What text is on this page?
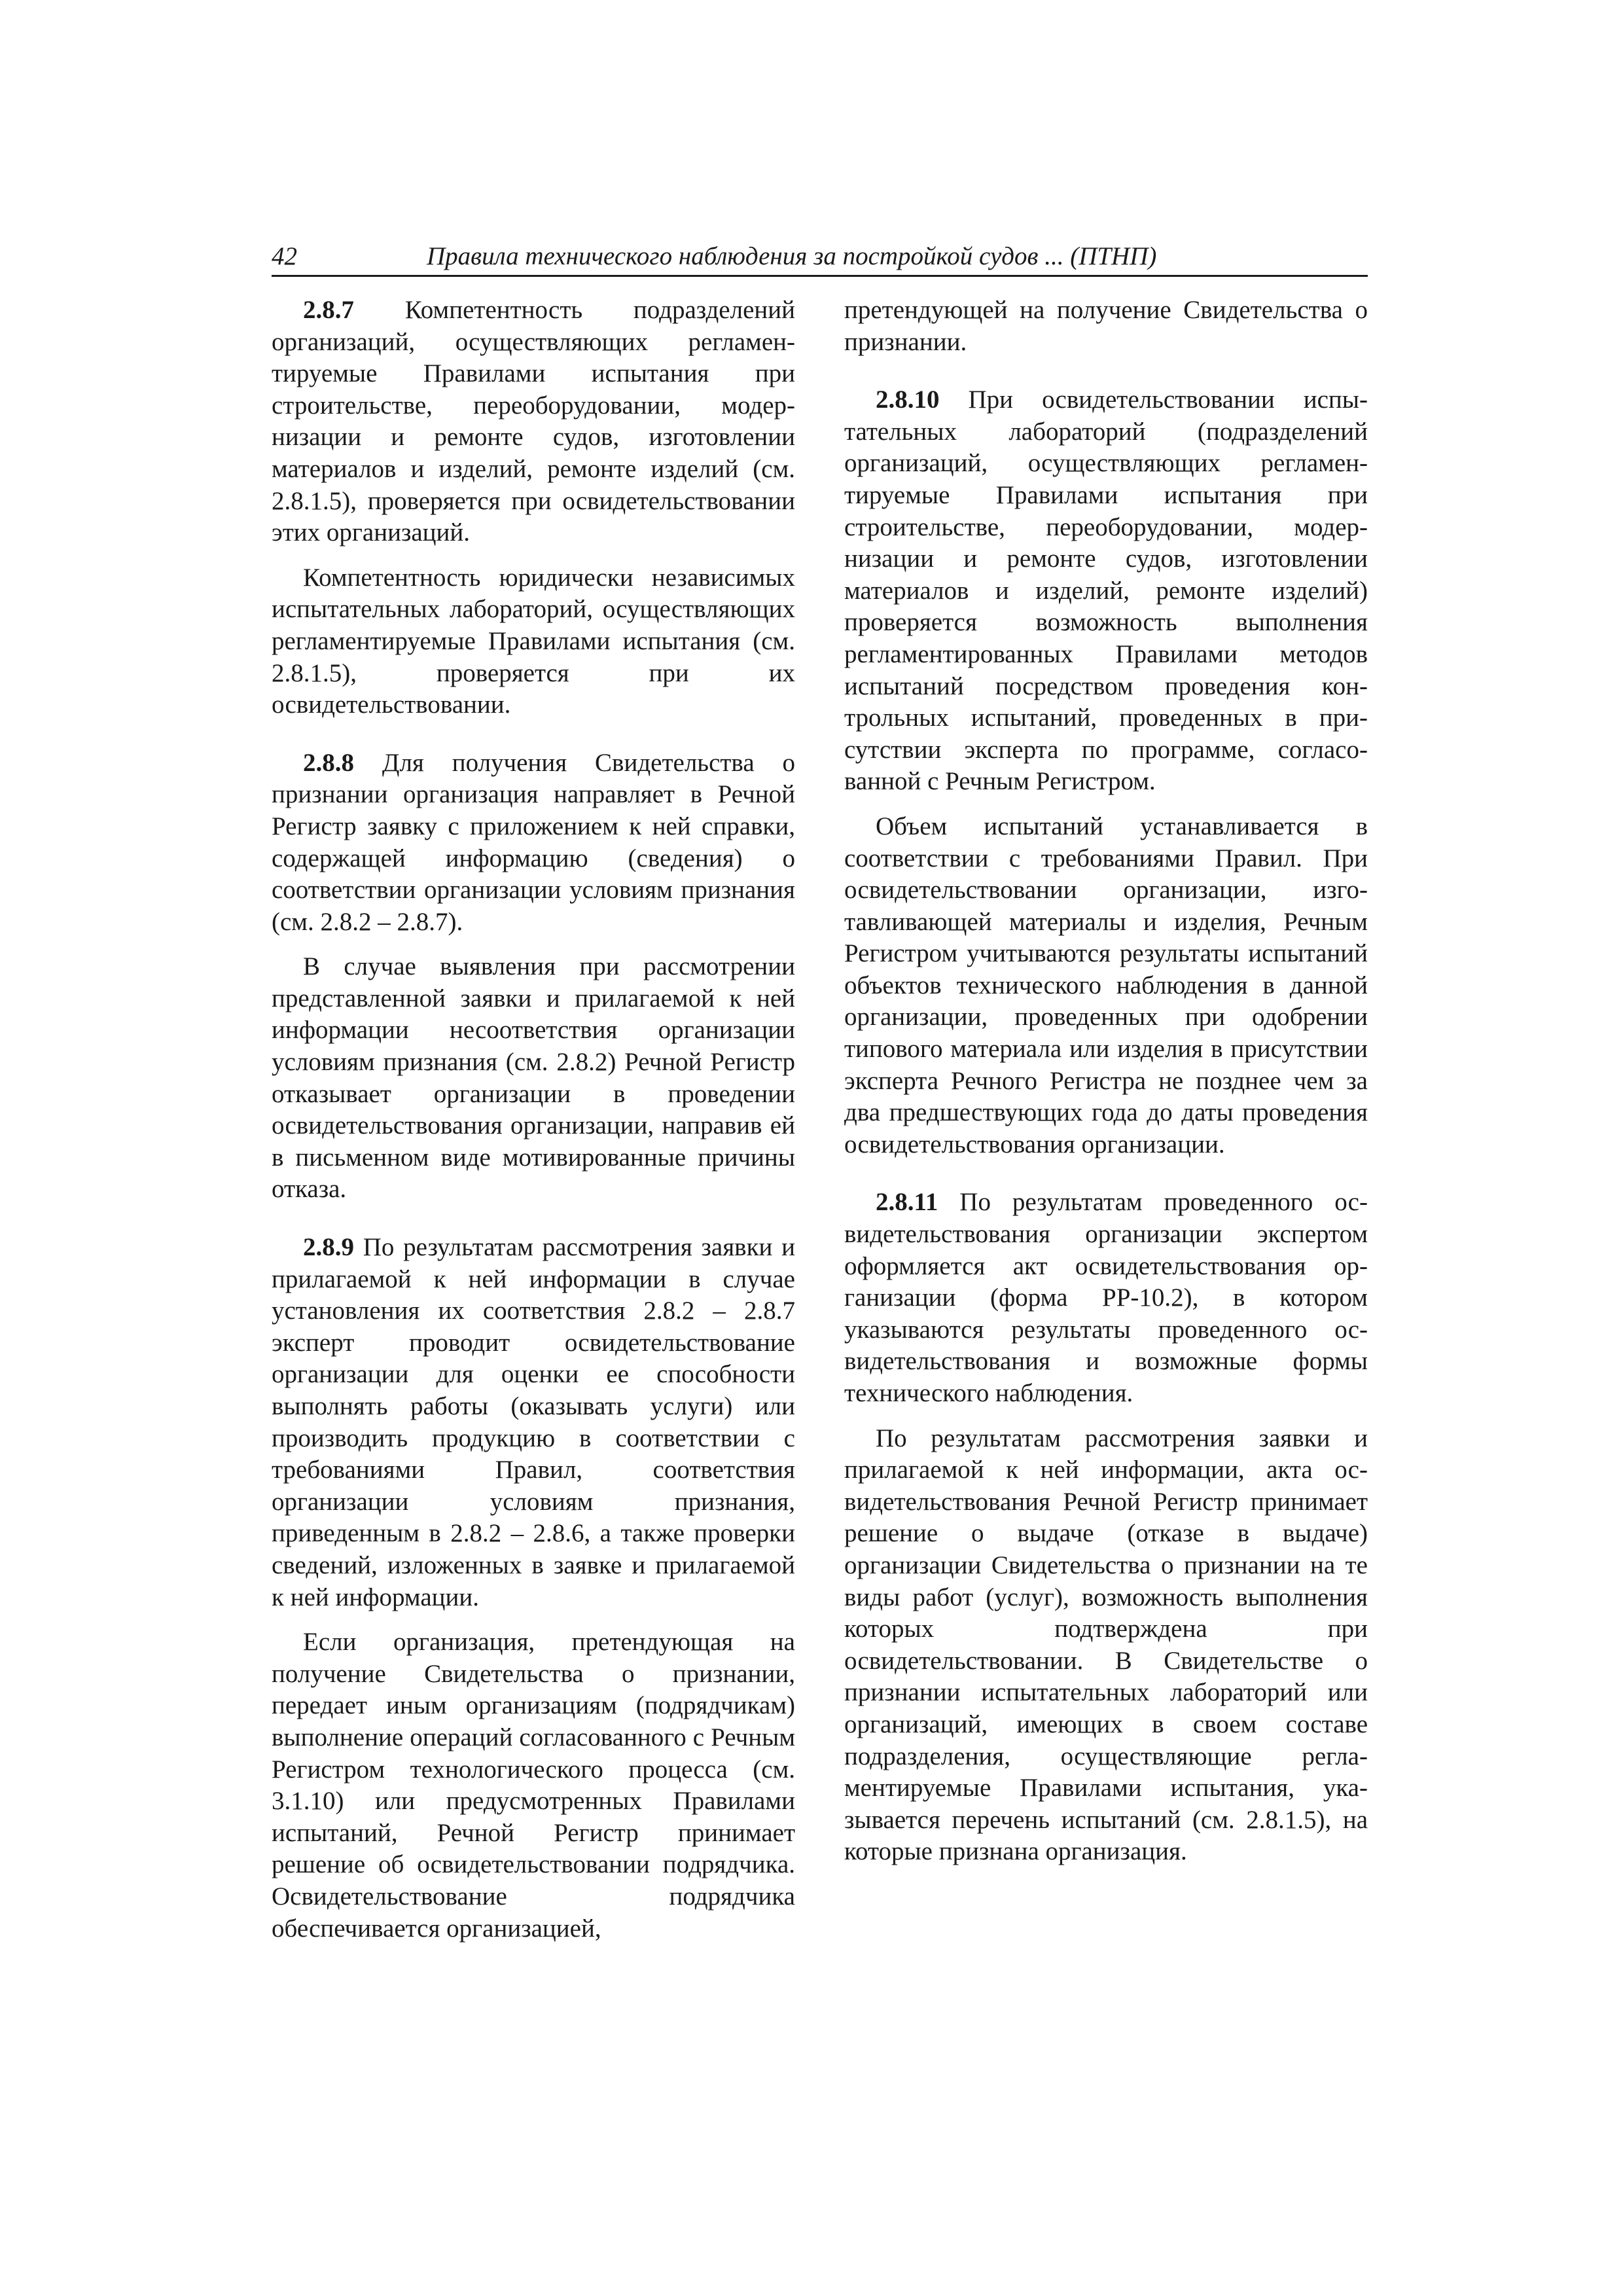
42	Правила технического наблюдения за постройкой судов ... (ПТНП)

2.8.7 Компетентность подразделений организаций, осуществляющих регламентируемые Правилами испытания при строительстве, переоборудовании, модернизации и ремонте судов, изготовлении материалов и изделий, ремонте изделий (см. 2.8.1.5), проверяется при освидетельствовании этих организаций.

Компетентность юридически независимых испытательных лабораторий, осуществляющих регламентируемые Правилами испытания (см. 2.8.1.5), проверяется при их освидетельствовании.

2.8.8 Для получения Свидетельства о признании организация направляет в Речной Регистр заявку с приложением к ней справки, содержащей информацию (сведения) о соответствии организации условиям признания (см. 2.8.2 – 2.8.7).

В случае выявления при рассмотрении представленной заявки и прилагаемой к ней информации несоответствия организации условиям признания (см. 2.8.2) Речной Регистр отказывает организации в проведении освидетельствования организации, направив ей в письменном виде мотивированные причины отказа.

2.8.9 По результатам рассмотрения заявки и прилагаемой к ней информации в случае установления их соответствия 2.8.2 – 2.8.7 эксперт проводит освидетельствование организации для оценки ее способности выполнять работы (оказывать услуги) или производить продукцию в соответствии с требованиями Правил, соответствия организации условиям признания, приведенным в 2.8.2 – 2.8.6, а также проверки сведений, изложенных в заявке и прилагаемой к ней информации.

Если организация, претендующая на получение Свидетельства о признании, передает иным организациям (подрядчикам) выполнение операций согласованного с Речным Регистром технологического процесса (см. 3.1.10) или предусмотренных Правилами испытаний, Речной Регистр принимает решение об освидетельствовании подрядчика. Освидетельствование подрядчика обеспечивается организацией,

претендующей на получение Свидетельства о признании.

2.8.10 При освидетельствовании испытательных лабораторий (подразделений организаций, осуществляющих регламентируемые Правилами испытания при строительстве, переоборудовании, модернизации и ремонте судов, изготовлении материалов и изделий, ремонте изделий) проверяется возможность выполнения регламентированных Правилами методов испытаний посредством проведения контрольных испытаний, проведенных в присутствии эксперта по программе, согласованной с Речным Регистром.

Объем испытаний устанавливается в соответствии с требованиями Правил. При освидетельствовании организации, изготавливающей материалы и изделия, Речным Регистром учитываются результаты испытаний объектов технического наблюдения в данной организации, проведенных при одобрении типового материала или изделия в присутствии эксперта Речного Регистра не позднее чем за два предшествующих года до даты проведения освидетельствования организации.

2.8.11 По результатам проведенного освидетельствования организации экспертом оформляется акт освидетельствования организации (форма РР-10.2), в котором указываются результаты проведенного освидетельствования и возможные формы технического наблюдения.

По результатам рассмотрения заявки и прилагаемой к ней информации, акта освидетельствования Речной Регистр принимает решение о выдаче (отказе в выдаче) организации Свидетельства о признании на те виды работ (услуг), возможность выполнения которых подтверждена при освидетельствовании. В Свидетельстве о признании испытательных лабораторий или организаций, имеющих в своем составе подразделения, осуществляющие регламентируемые Правилами испытания, указывается перечень испытаний (см. 2.8.1.5), на которые признана организация.
